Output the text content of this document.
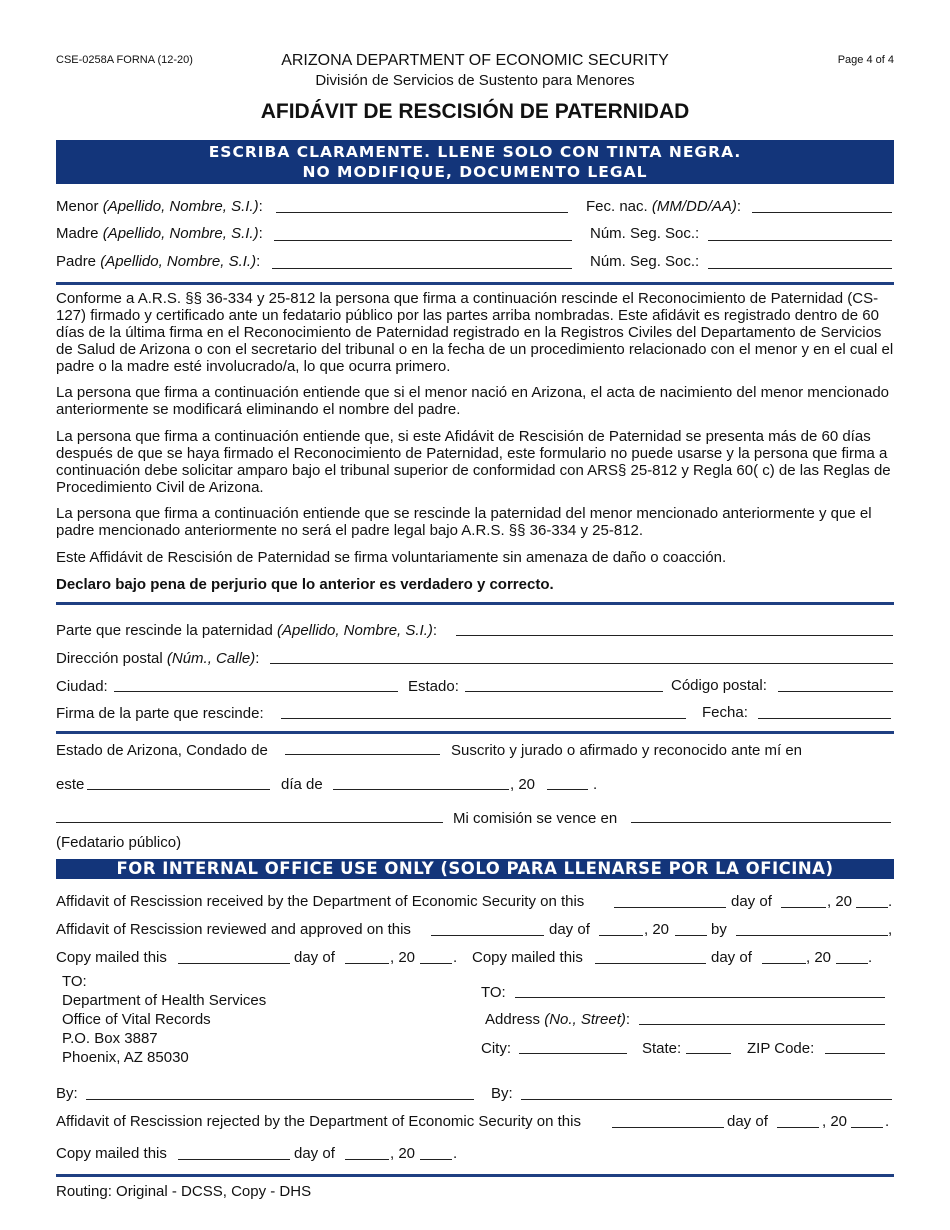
CSE-0258A FORNA (12-20)	Page 4 of 4
ARIZONA DEPARTMENT OF ECONOMIC SECURITY
División de Servicios de Sustento para Menores
AFIDÁVIT DE RESCISIÓN DE PATERNIDAD
ESCRIBA CLARAMENTE. LLENE SOLO CON TINTA NEGRA.
NO MODIFIQUE, DOCUMENTO LEGAL
Menor (Apellido, Nombre, S.I.):	Fec. nac. (MM/DD/AA):
Madre (Apellido, Nombre, S.I.):	Núm. Seg. Soc.:
Padre (Apellido, Nombre, S.I.):	Núm. Seg. Soc.:
Conforme a A.R.S. §§ 36-334 y 25-812 la persona que firma a continuación rescinde el Reconocimiento de Paternidad (CS-127) firmado y certificado ante un fedatario público por las partes arriba nombradas. Este afidávit es registrado dentro de 60 días de la última firma en el Reconocimiento de Paternidad registrado en la Registros Civiles del Departamento de Servicios de Salud de Arizona o con el secretario del tribunal o en la fecha de un procedimiento relacionado con el menor y en el cual el padre o la madre esté involucrado/a, lo que ocurra primero.
La persona que firma a continuación entiende que si el menor nació en Arizona, el acta de nacimiento del menor mencionado anteriormente se modificará eliminando el nombre del padre.
La persona que firma a continuación entiende que, si este Afidávit de Rescisión de Paternidad se presenta más de 60 días después de que se haya firmado el Reconocimiento de Paternidad, este formulario no puede usarse y la persona que firma a continuación debe solicitar amparo bajo el tribunal superior de conformidad con ARS§ 25-812 y Regla 60( c) de las Reglas de Procedimiento Civil de Arizona.
La persona que firma a continuación entiende que se rescinde la paternidad del menor mencionado anteriormente y que el padre mencionado anteriormente no será el padre legal bajo A.R.S. §§ 36-334 y 25-812.
Este Affidávit de Rescisión de Paternidad se firma voluntariamente sin amenaza de daño o coacción.
Declaro bajo pena de perjurio que lo anterior es verdadero y correcto.
Parte que rescinde la paternidad (Apellido, Nombre, S.I.):
Dirección postal (Núm., Calle):
Ciudad:	Estado:	Código postal:
Firma de la parte que rescinde:	Fecha:
Estado de Arizona, Condado de	Suscrito y jurado o afirmado y reconocido ante mí en
este	día de	, 20	.
Mi comisión se vence en
(Fedatario público)
FOR INTERNAL OFFICE USE ONLY (SOLO PARA LLENARSE POR LA OFICINA)
Affidavit of Rescission received by the Department of Economic Security on this	day of	, 20 .
Affidavit of Rescission reviewed and approved on this	day of	, 20	by	,
Copy mailed this	day of	, 20	. Copy mailed this	day of	, 20 .
TO:
Department of Health Services
Office of Vital Records
P.O. Box 3887
Phoenix, AZ 85030
TO:
Address (No., Street):
City:	State:	ZIP Code:
By:	By:
Affidavit of Rescission rejected by the Department of Economic Security on this	day of	, 20	.
Copy mailed this	day of	, 20	.
Routing: Original - DCSS, Copy - DHS
